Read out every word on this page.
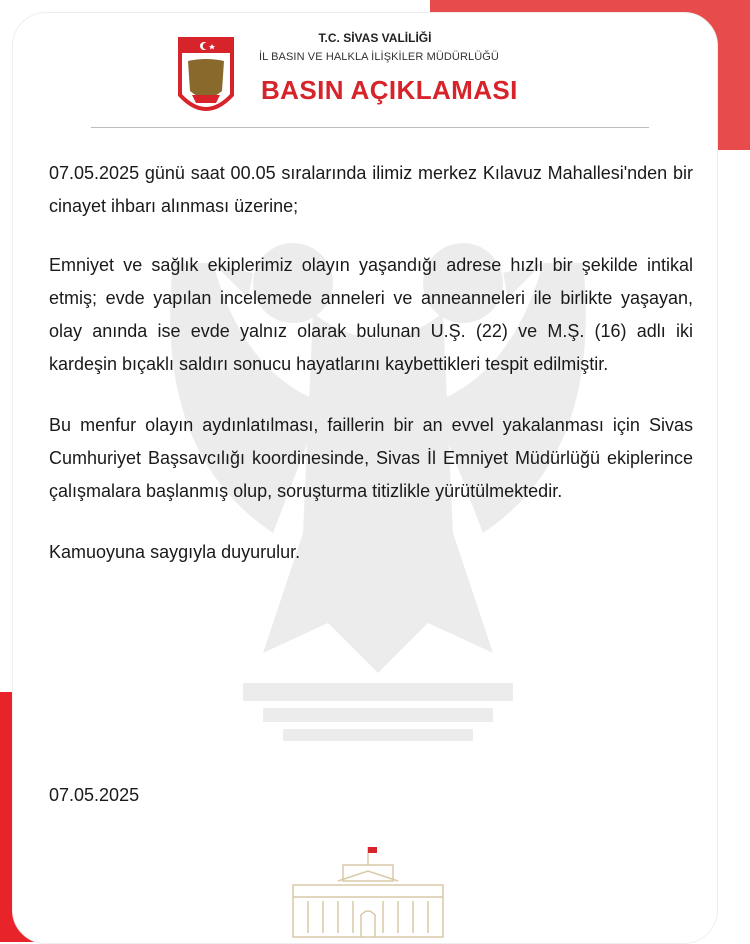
T.C. SİVAS VALİLİĞİ
İL BASIN VE HALKLA İLİŞKİLER MÜDÜRLÜĞÜ
BASIN AÇIKLAMASI

07.05.2025 günü saat 00.05 sıralarında ilimiz merkez Kılavuz Mahallesi'nden bir cinayet ihbarı alınması üzerine;

Emniyet ve sağlık ekiplerimiz olayın yaşandığı adrese hızlı bir şekilde intikal etmiş; evde yapılan incelemede anneleri ve anneanneleri ile birlikte yaşayan, olay anında ise evde yalnız olarak bulunan U.Ş. (22) ve M.Ş. (16) adlı iki kardeşin bıçaklı saldırı sonucu hayatlarını kaybettikleri tespit edilmiştir.

Bu menfur olayın aydınlatılması, faillerin bir an evvel yakalanması için Sivas Cumhuriyet Başsavcılığı koordinesinde, Sivas İl Emniyet Müdürlüğü ekiplerince çalışmalara başlanmış olup, soruşturma titizlikle yürütülmektedir.

Kamuoyuna saygıyla duyurulur.

07.05.2025
